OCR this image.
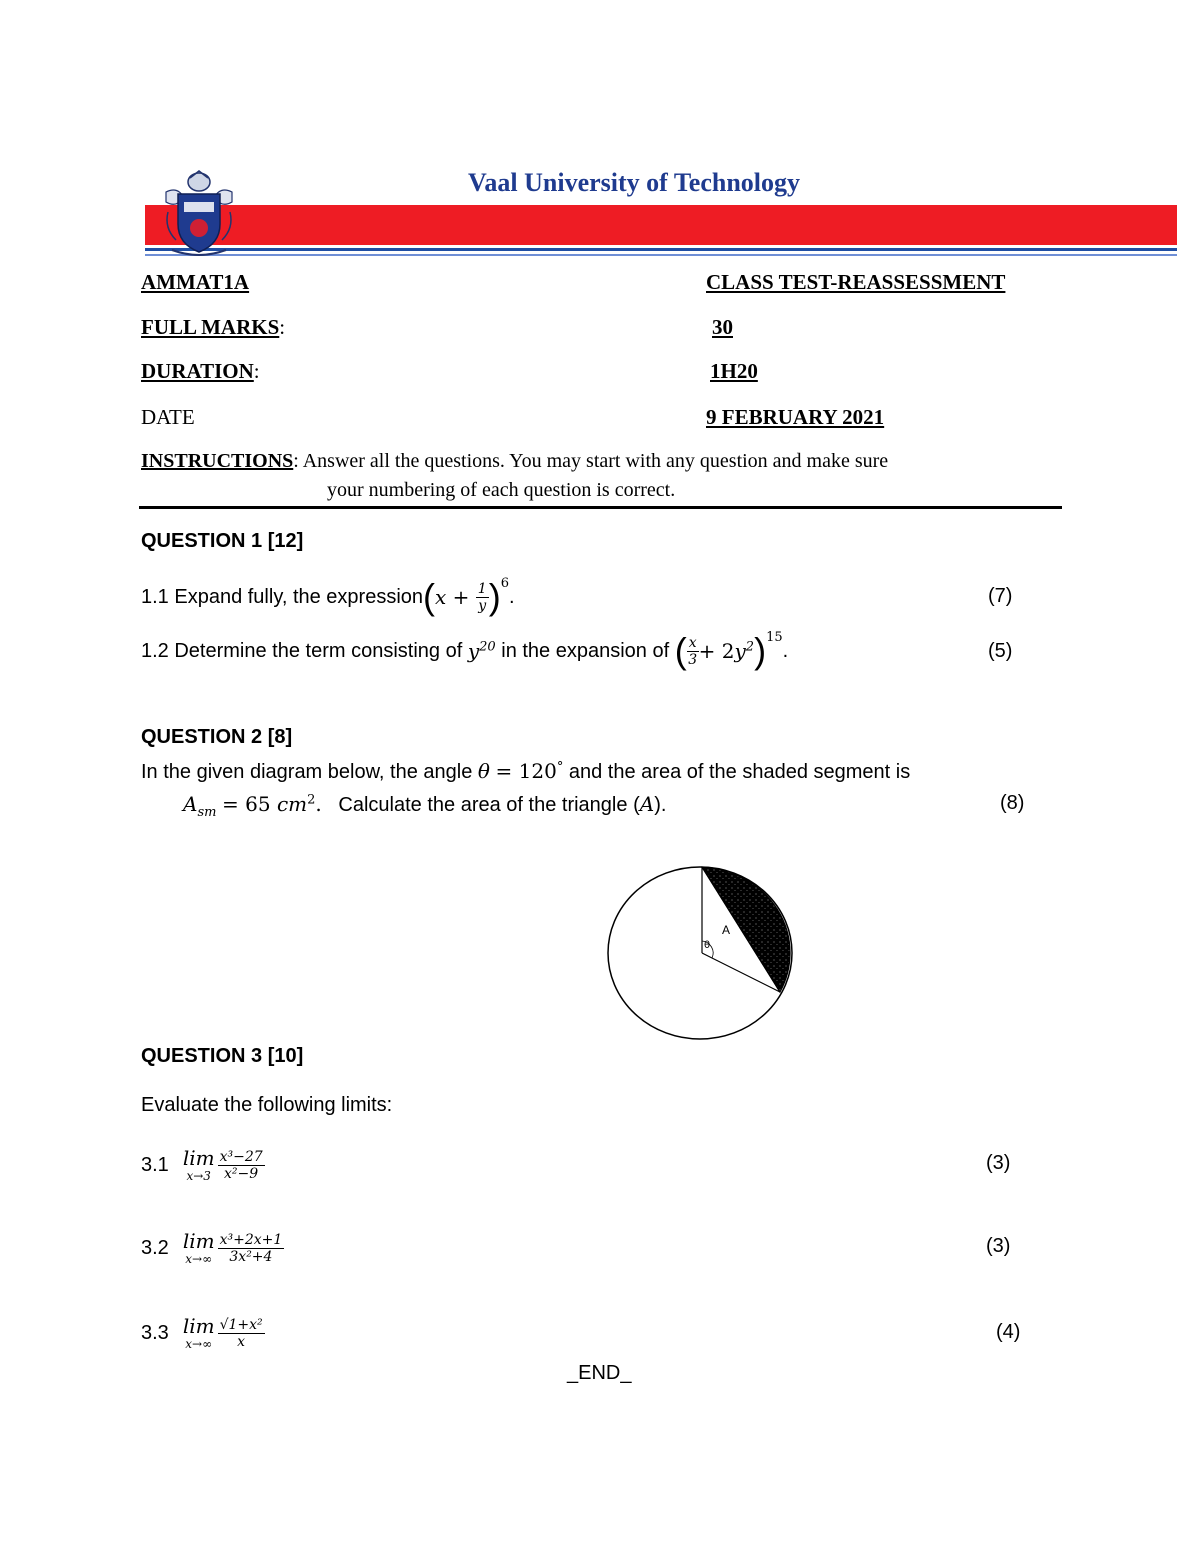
Vaal University of Technology
AMMAT1A	CLASS TEST-REASSESSMENT
FULL MARKS:	30
DURATION:	1H20
DATE	9 FEBRUARY 2021
INSTRUCTIONS: Answer all the questions. You may start with any question and make sure
your numbering of each question is correct.
QUESTION 1 [12]
1.1 Expand fully, the expression ( $x + \frac{1}{y} )^6$
.	(7)
1.2 Determine the term consisting of
$y^{20}$
in the expansion of
( $\frac{x}{3} + 2$ $y^2$ )$^{15}$
.	(5)
QUESTION 2 [8]
In the given diagram below, the angle θ = 120° and the area of the shaded segment is
$A_{sm} = 65$ $cm^2$. Calculate the area of the triangle (A).	(8)
A
θ
QUESTION 3 [10]
Evaluate the following limits:
3.1 lim
$x\to 3 \frac{\text{x³−27}}{\text{x²−9}}$	(3)
3.2 lim
$x\to\infty \frac{\text{x³+2x+1}}{\text{3x²+4}}$	(3)
3.3 lim
$x\to\infty \frac{\text{√1+x²}}{x}$	(4)
_END_
